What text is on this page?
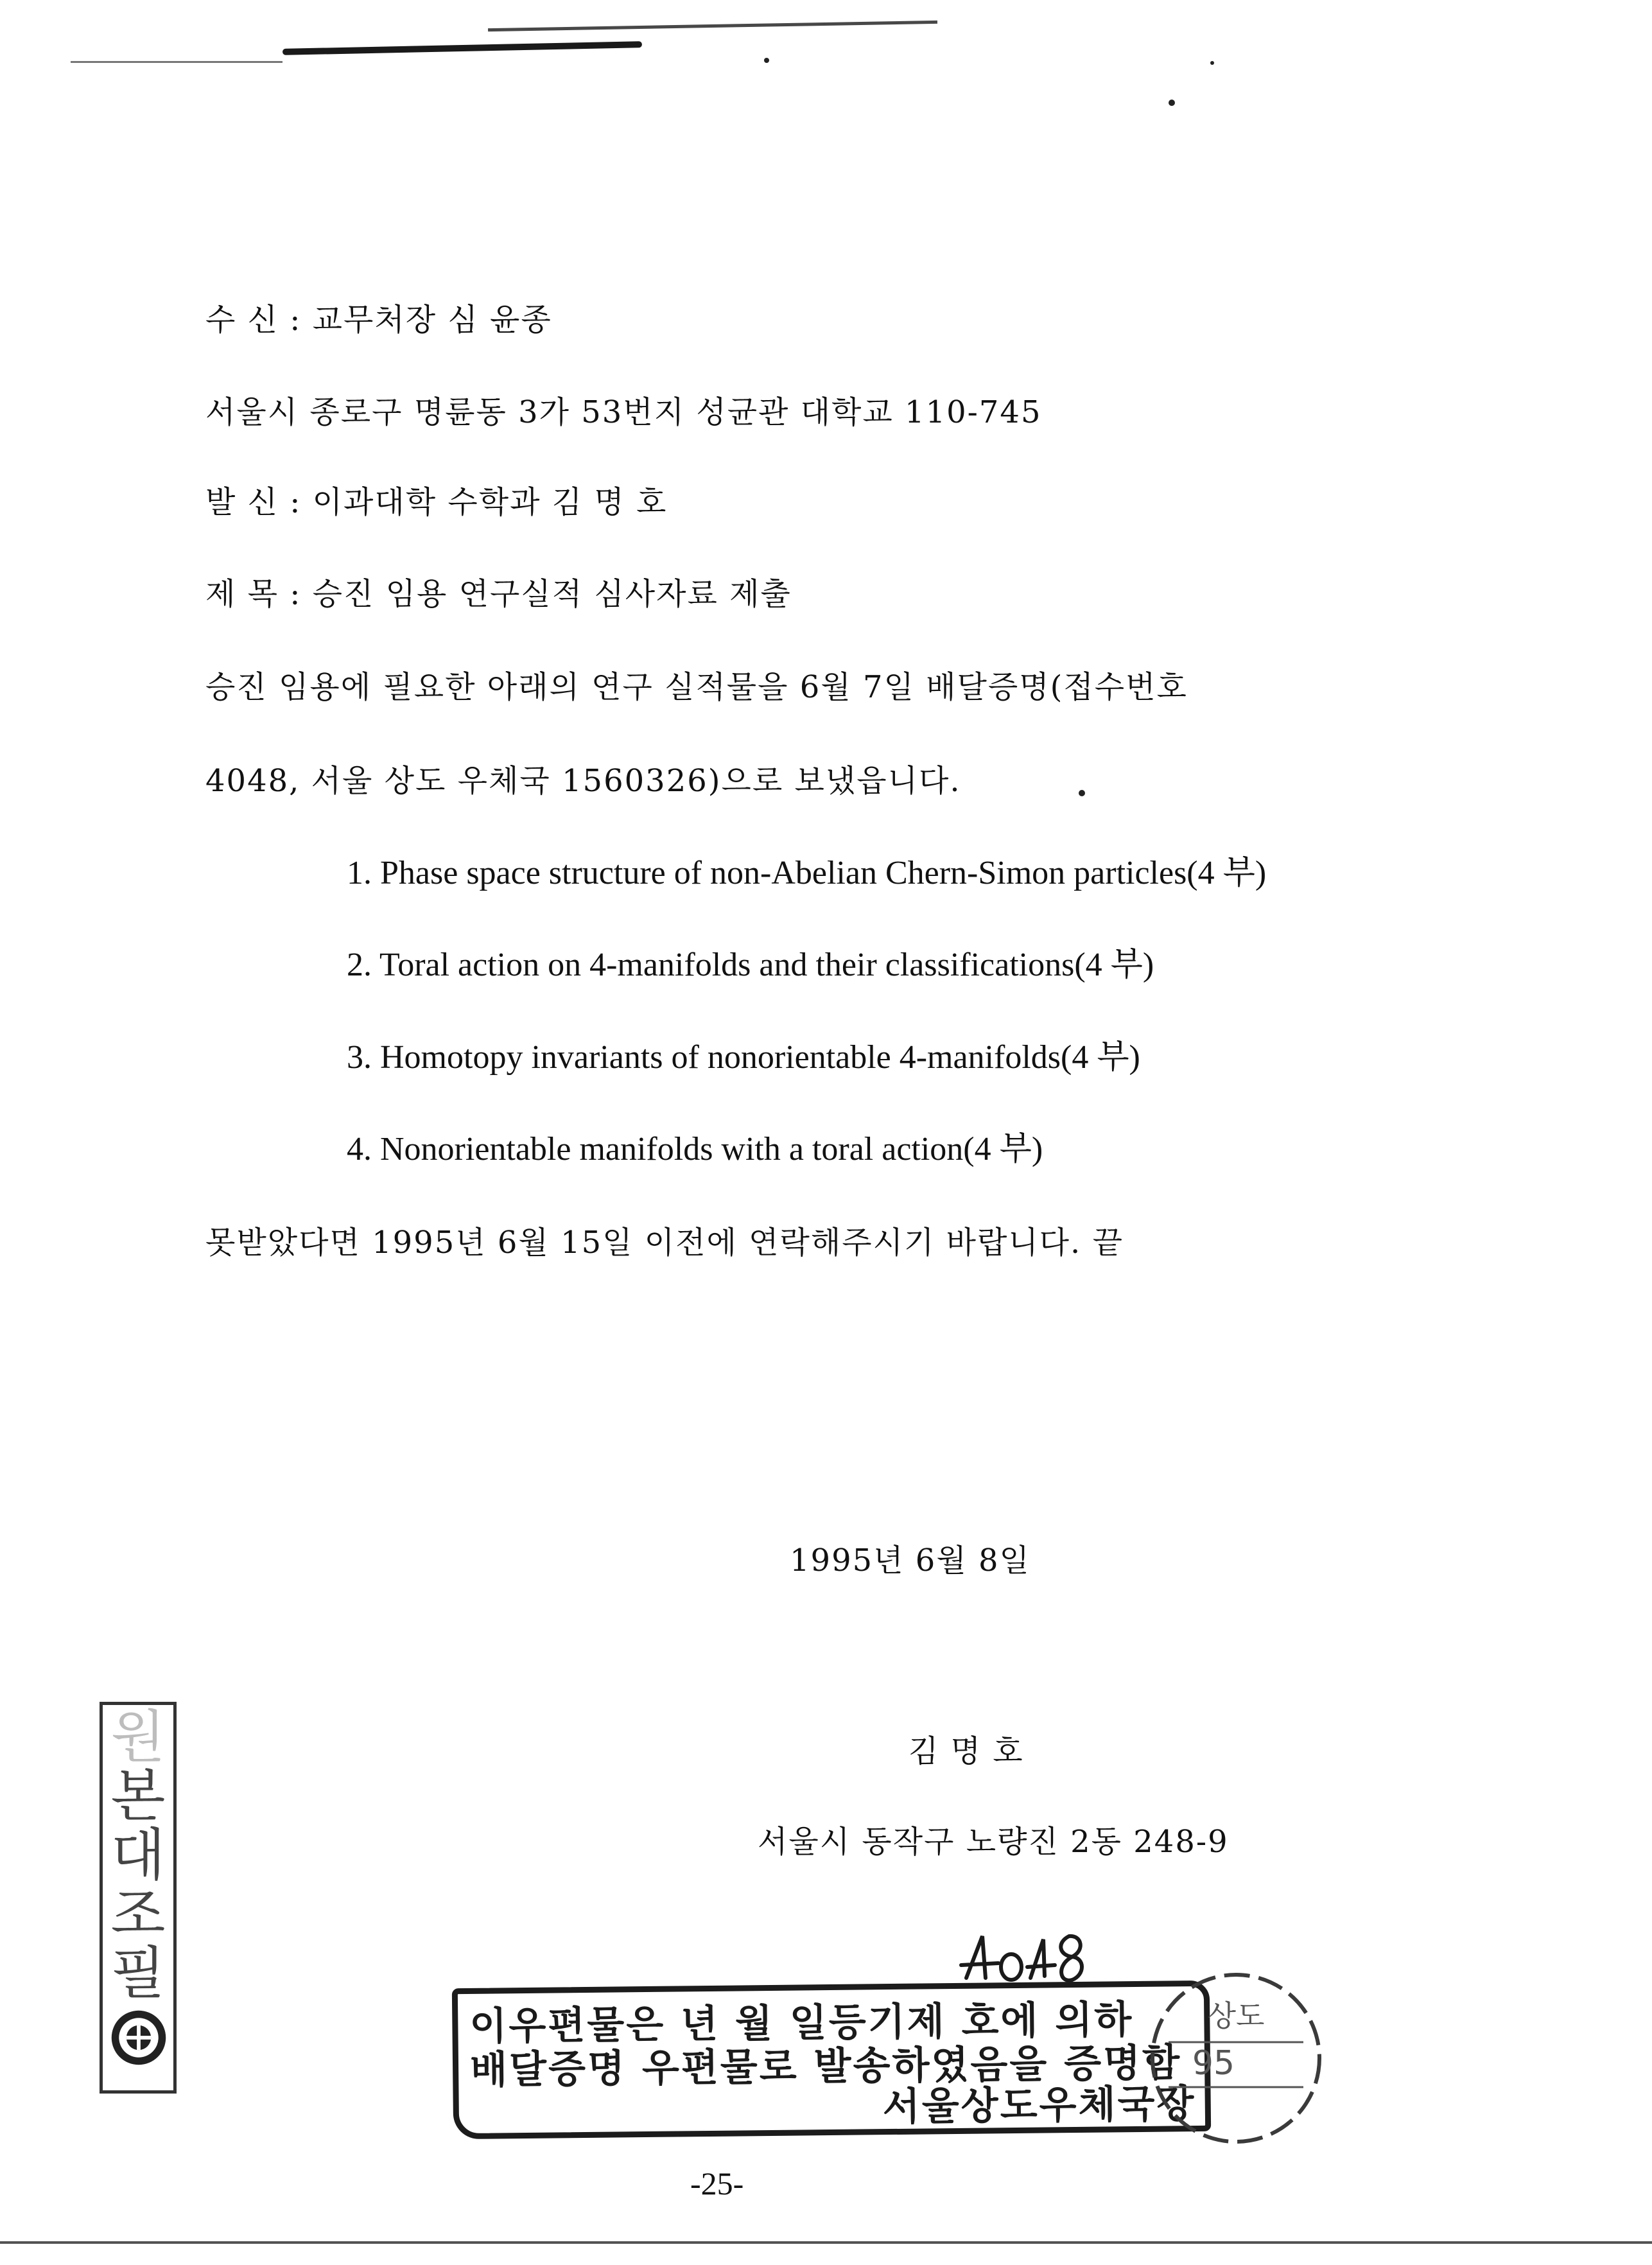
수 신 : 교무처장 심 윤종
서울시 종로구 명륜동 3가 53번지 성균관 대학교 110-745
발 신 : 이과대학 수학과 김 명 호
제 목 : 승진 임용 연구실적 심사자료 제출
승진 임용에 필요한 아래의 연구 실적물을 6월 7일 배달증명(접수번호
4048, 서울 상도 우체국 1560326)으로 보냈읍니다.
1. Phase space structure of non-Abelian Chern-Simon particles(4 부)
2. Toral action on 4-manifolds and their classifications(4 부)
3. Homotopy invariants of nonorientable 4-manifolds(4 부)
4. Nonorientable manifolds with a toral action(4 부)
못받았다면 1995년 6월 15일 이전에 연락해주시기 바랍니다. 끝
1995년 6월 8일
김 명 호
서울시 동작구 노량진 2동 248-9
원
본
대
조
필
이우편물은 년 월 일등기제 호에 의하
배달증명 우편물로 발송하였음을 증명함
서울상도우체국장
상도
95
-25-
